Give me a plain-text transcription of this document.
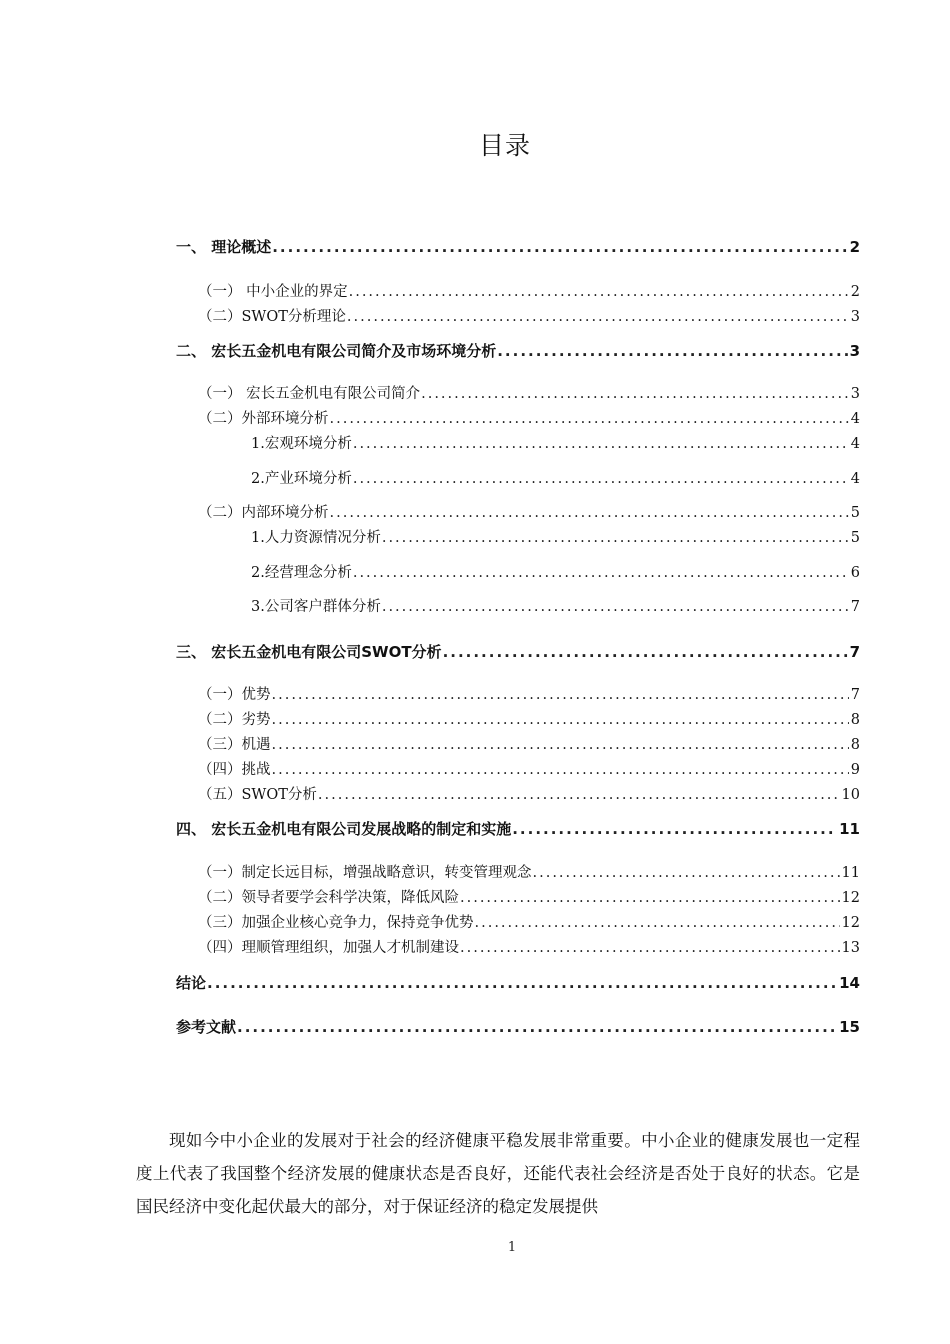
目录
一、 理论概述 .....	2
（一） 中小企业的界定 .....	2
（二）SWOT分析理论 .....	3
二、 宏长五金机电有限公司简介及市场环境分析 .....	3
（一） 宏长五金机电有限公司简介 .....	3
（二）外部环境分析 .....	4
1.宏观环境分析 .....	4
2.产业环境分析 .....	4
（二）内部环境分析 .....	5
1.人力资源情况分析 .....	5
2.经营理念分析 .....	6
3.公司客户群体分析 .....	7
三、 宏长五金机电有限公司SWOT分析 .....	7
（一）优势 .....	7
（二）劣势 .....	8
（三）机遇 .....	8
（四）挑战 .....	9
（五）SWOT分析 .....	10
四、 宏长五金机电有限公司发展战略的制定和实施 .....	11
（一）制定长远目标，增强战略意识，转变管理观念 .....	11
（二）领导者要学会科学决策，降低风险 .....	12
（三）加强企业核心竞争力，保持竞争优势 .....	12
（四）理顺管理组织，加强人才机制建设 .....	13
结论 .....	14
参考文献 .....	15

现如今中小企业的发展对于社会的经济健康平稳发展非常重要。中小企业的健康发展也一定程度上代表了我国整个经济发展的健康状态是否良好，还能代表社会经济是否处于良好的状态。它是国民经济中变化起伏最大的部分，对于保证经济的稳定发展提供

1
